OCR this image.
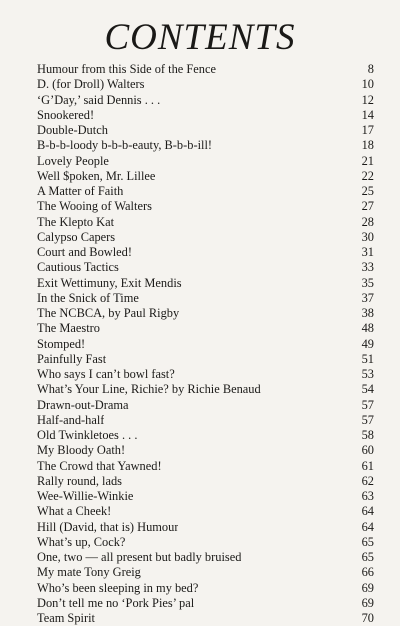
CONTENTS
Humour from this Side of the Fence	8
D. (for Droll) Walters	10
‘G’Day,’ said Dennis . . .	12
Snookered!	14
Double-Dutch	17
B-b-b-loody b-b-b-eauty, B-b-b-ill!	18
Lovely People	21
Well $poken, Mr. Lillee	22
A Matter of Faith	25
The Wooing of Walters	27
The Klepto Kat	28
Calypso Capers	30
Court and Bowled!	31
Cautious Tactics	33
Exit Wettimuny, Exit Mendis	35
In the Snick of Time	37
The NCBCA, by Paul Rigby	38
The Maestro	48
Stomped!	49
Painfully Fast	51
Who says I can’t bowl fast?	53
What’s Your Line, Richie? by Richie Benaud	54
Drawn-out-Drama	57
Half-and-half	57
Old Twinkletoes . . .	58
My Bloody Oath!	60
The Crowd that Yawned!	61
Rally round, lads	62
Wee-Willie-Winkie	63
What a Cheek!	64
Hill (David, that is) Humour	64
What’s up, Cock?	65
One, two — all present but badly bruised	65
My mate Tony Greig	66
Who’s been sleeping in my bed?	69
Don’t tell me no ‘Pork Pies’ pal	69
Team Spirit	70
